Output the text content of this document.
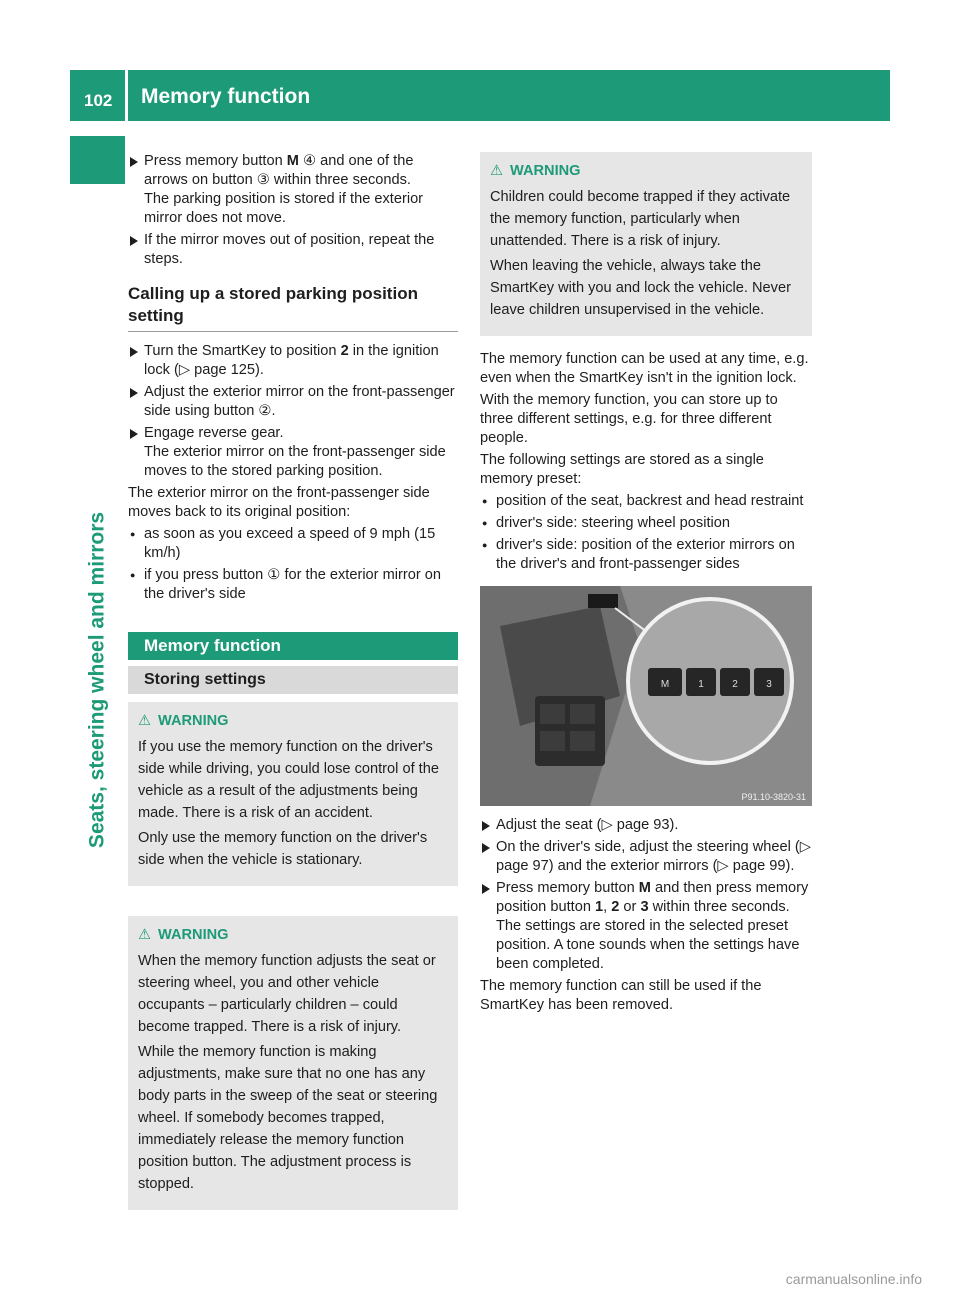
102 Memory function
Seats, steering wheel and mirrors
Press memory button M ④ and one of the arrows on button ③ within three seconds.
The parking position is stored if the exterior mirror does not move.
If the mirror moves out of position, repeat the steps.
Calling up a stored parking position setting
Turn the SmartKey to position 2 in the ignition lock (▷ page 125).
Adjust the exterior mirror on the front-passenger side using button ②.
Engage reverse gear.
The exterior mirror on the front-passenger side moves to the stored parking position.

The exterior mirror on the front-passenger side moves back to its original position:

● as soon as you exceed a speed of 9 mph (15 km/h)
● if you press button ① for the exterior mirror on the driver's side
Memory function
Storing settings
⚠ WARNING

If you use the memory function on the driver's side while driving, you could lose control of the vehicle as a result of the adjustments being made. There is a risk of an accident.

Only use the memory function on the driver's side when the vehicle is stationary.

⚠ WARNING

When the memory function adjusts the seat or steering wheel, you and other vehicle occupants – particularly children – could become trapped. There is a risk of injury.

While the memory function is making adjustments, make sure that no one has any body parts in the sweep of the seat or steering wheel. If somebody becomes trapped, immediately release the memory function position button. The adjustment process is stopped.

⚠ WARNING

Children could become trapped if they activate the memory function, particularly when unattended. There is a risk of injury.

When leaving the vehicle, always take the SmartKey with you and lock the vehicle. Never leave children unsupervised in the vehicle.

The memory function can be used at any time, e.g. even when the SmartKey isn't in the ignition lock.

With the memory function, you can store up to three different settings, e.g. for three different people.

The following settings are stored as a single memory preset:

● position of the seat, backrest and head restraint
● driver's side: steering wheel position
● driver's side: position of the exterior mirrors on the driver's and front-passenger sides
M	1	2	3
P91.10-3820-31
Adjust the seat (▷ page 93).
On the driver's side, adjust the steering wheel (▷ page 97) and the exterior mirrors (▷ page 99).
Press memory button M and then press memory position button 1, 2 or 3 within three seconds.
The settings are stored in the selected preset position. A tone sounds when the settings have been completed.

The memory function can still be used if the SmartKey has been removed.

carmanualsonline.info
